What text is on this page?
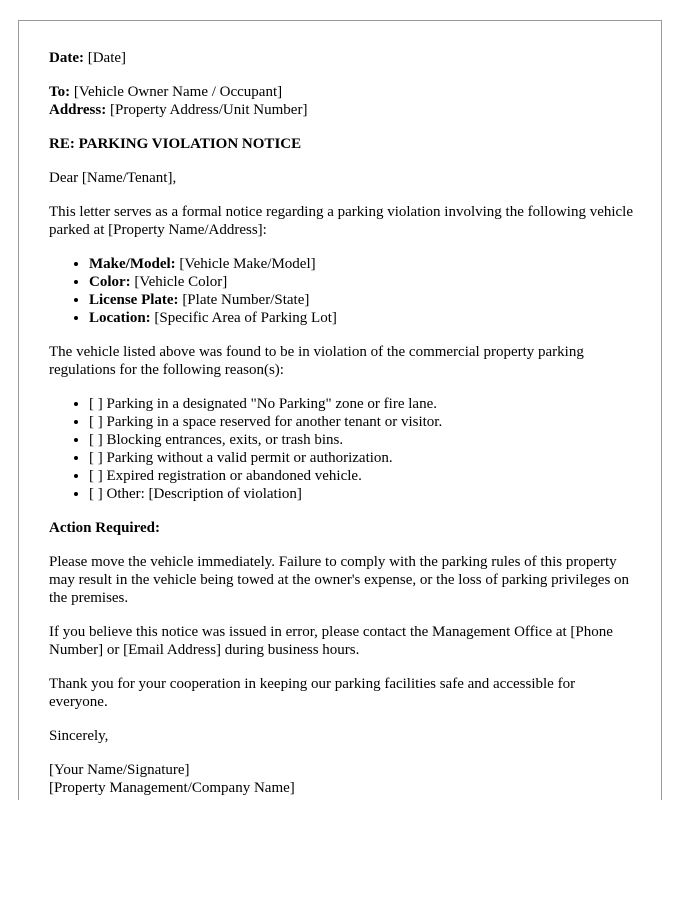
Date: [Date]

To: [Vehicle Owner Name / Occupant]
Address: [Property Address/Unit Number]

RE: PARKING VIOLATION NOTICE

Dear [Name/Tenant],

This letter serves as a formal notice regarding a parking violation involving the following vehicle parked at [Property Name/Address]:

• Make/Model: [Vehicle Make/Model]
• Color: [Vehicle Color]
• License Plate: [Plate Number/State]
• Location: [Specific Area of Parking Lot]

The vehicle listed above was found to be in violation of the commercial property parking regulations for the following reason(s):

• [ ] Parking in a designated "No Parking" zone or fire lane.
• [ ] Parking in a space reserved for another tenant or visitor.
• [ ] Blocking entrances, exits, or trash bins.
• [ ] Parking without a valid permit or authorization.
• [ ] Expired registration or abandoned vehicle.
• [ ] Other: [Description of violation]

Action Required:

Please move the vehicle immediately. Failure to comply with the parking rules of this property may result in the vehicle being towed at the owner's expense, or the loss of parking privileges on the premises.

If you believe this notice was issued in error, please contact the Management Office at [Phone Number] or [Email Address] during business hours.

Thank you for your cooperation in keeping our parking facilities safe and accessible for everyone.

Sincerely,

[Your Name/Signature]
[Property Management/Company Name]
